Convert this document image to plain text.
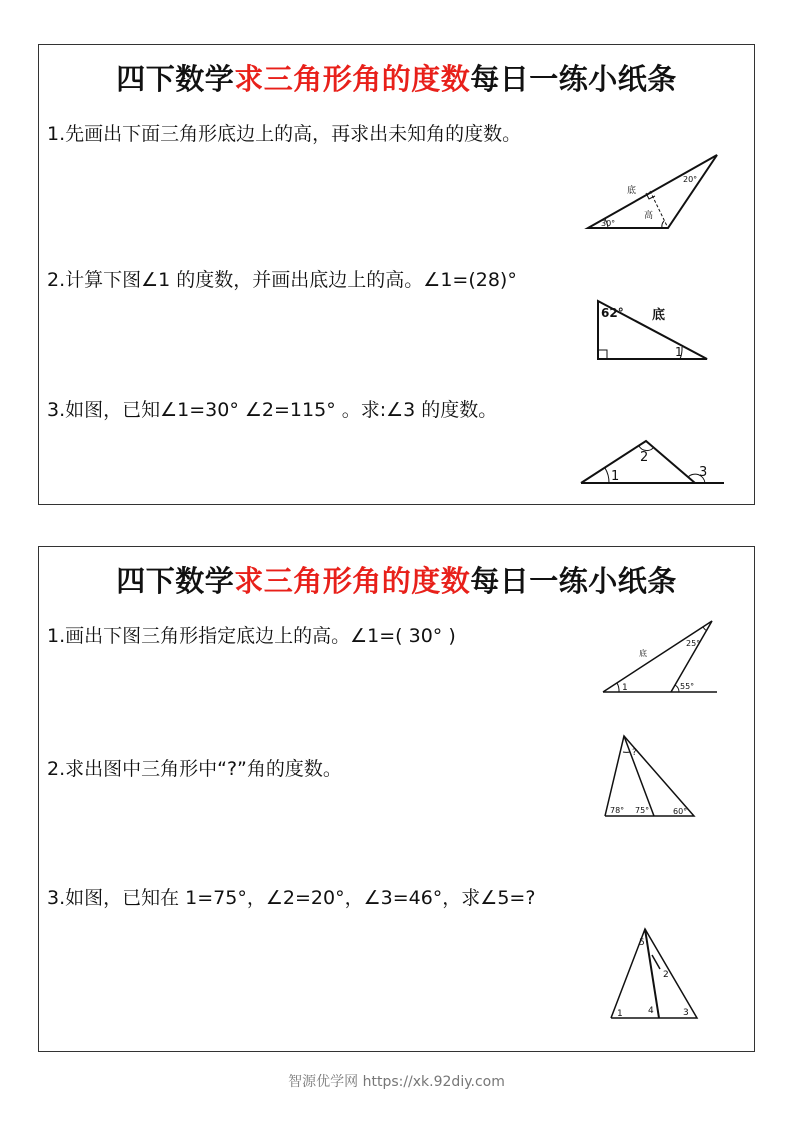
四下数学求三角形角的度数每日一练小纸条
1.先画出下面三角形底边上的高，再求出未知角的度数。
底
高
20°
30°
2.计算下图∠1 的度数，并画出底边上的高。∠1=(28)°
62° 底
1
3.如图，已知∠1=30° ∠2=115° 。求:∠3 的度数。
1
2
3
四下数学求三角形角的度数每日一练小纸条
1.画出下图三角形指定底边上的高。∠1=( 30° )
底
25°
1	55°
2.求出图中三角形中“?”角的度数。
?
78° 75°	60°
3.如图，已知在 1=75°，∠2=20°，∠3=46°，求∠5=?
5
2
1	4	3
智源优学网 https://xk.92diy.com
